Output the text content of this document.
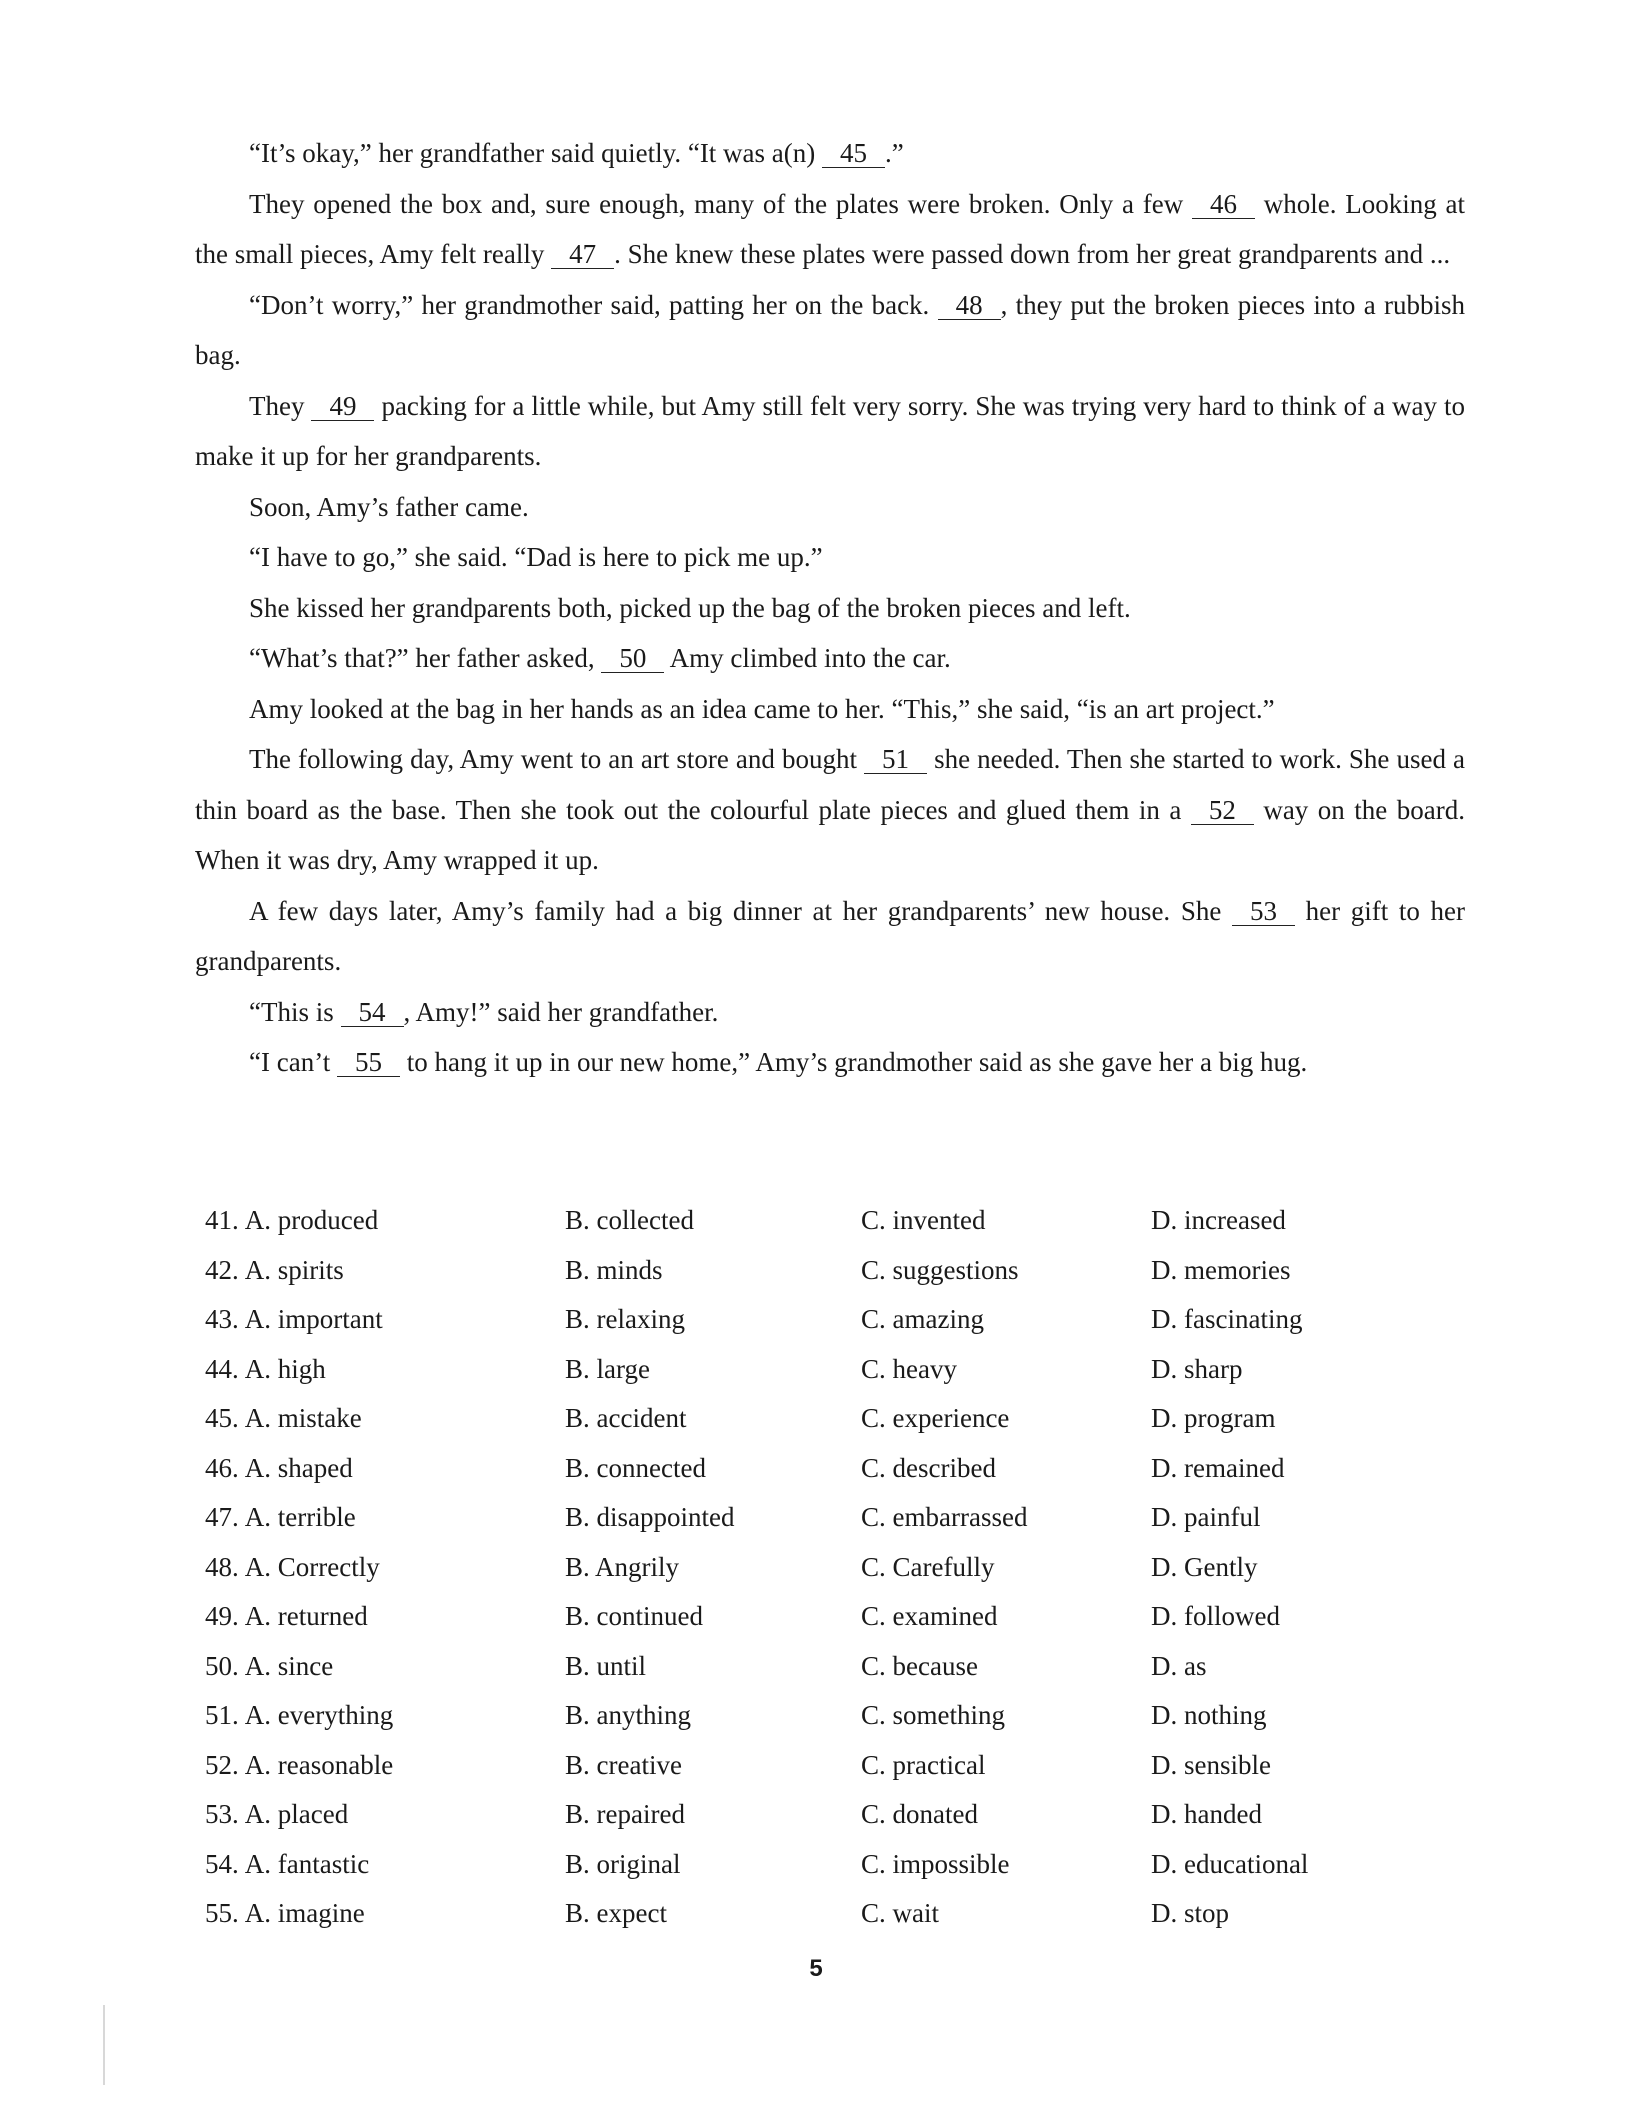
“It’s okay,” her grandfather said quietly. “It was a(n) 45 .”

They opened the box and, sure enough, many of the plates were broken. Only a few 46 whole. Looking at the small pieces, Amy felt really 47 . She knew these plates were passed down from her great grandparents and ...

“Don’t worry,” her grandmother said, patting her on the back. 48 , they put the broken pieces into a rubbish bag.

They 49 packing for a little while, but Amy still felt very sorry. She was trying very hard to think of a way to make it up for her grandparents.

Soon, Amy’s father came.

“I have to go,” she said. “Dad is here to pick me up.”

She kissed her grandparents both, picked up the bag of the broken pieces and left.

“What’s that?” her father asked, 50 Amy climbed into the car.

Amy looked at the bag in her hands as an idea came to her. “This,” she said, “is an art project.”

The following day, Amy went to an art store and bought 51 she needed. Then she started to work. She used a thin board as the base. Then she took out the colourful plate pieces and glued them in a 52 way on the board. When it was dry, Amy wrapped it up.

A few days later, Amy’s family had a big dinner at her grandparents’ new house. She 53 her gift to her grandparents.

“This is 54 , Amy!” said her grandfather.

“I can’t 55 to hang it up in our new home,” Amy’s grandmother said as she gave her a big hug.

41. A. produced	B. collected	C. invented	D. increased
42. A. spirits	B. minds	C. suggestions	D. memories
43. A. important	B. relaxing	C. amazing	D. fascinating
44. A. high	B. large	C. heavy	D. sharp
45. A. mistake	B. accident	C. experience	D. program
46. A. shaped	B. connected	C. described	D. remained
47. A. terrible	B. disappointed	C. embarrassed	D. painful
48. A. Correctly	B. Angrily	C. Carefully	D. Gently
49. A. returned	B. continued	C. examined	D. followed
50. A. since	B. until	C. because	D. as
51. A. everything	B. anything	C. something	D. nothing
52. A. reasonable	B. creative	C. practical	D. sensible
53. A. placed	B. repaired	C. donated	D. handed
54. A. fantastic	B. original	C. impossible	D. educational
55. A. imagine	B. expect	C. wait	D. stop
5
